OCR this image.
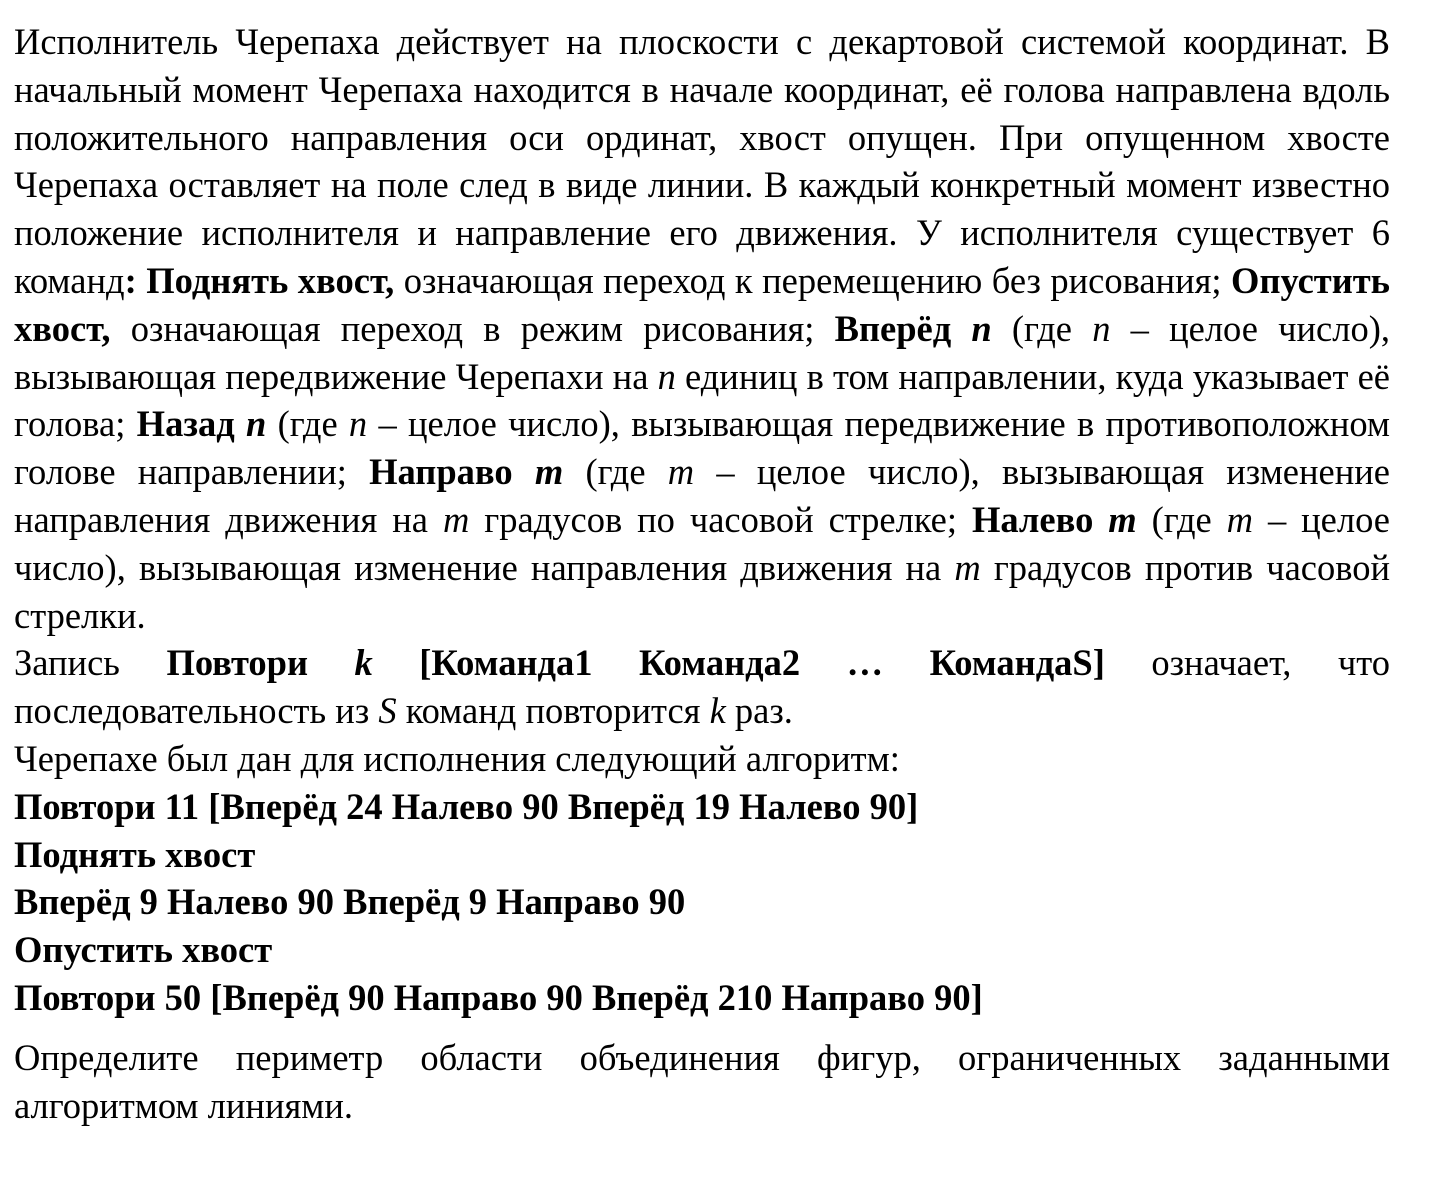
Исполнитель Черепаха действует на плоскости с декартовой системой координат. В начальный момент Черепаха находится в начале координат, её голова направлена вдоль положительного направления оси ординат, хвост опущен. При опущенном хвосте Черепаха оставляет на поле след в виде линии. В каждый конкретный момент известно положение исполнителя и направление его движения. У исполнителя существует 6 команд: Поднять хвост, означающая переход к перемещению без рисования; Опустить хвост, означающая переход в режим рисования; Вперёд n (где n – целое число), вызывающая передвижение Черепахи на n единиц в том направлении, куда указывает её голова; Назад n (где n – целое число), вызывающая передвижение в противоположном голове направлении; Направо m (где m – целое число), вызывающая изменение направления движения на m градусов по часовой стрелке; Налево m (где m – целое число), вызывающая изменение направления движения на m градусов против часовой стрелки.

Запись Повтори k [Команда1 Команда2 … КомандаS] означает, что последовательность из S команд повторится k раз.

Черепахе был дан для исполнения следующий алгоритм:

Повтори 11 [Вперёд 24 Налево 90 Вперёд 19 Налево 90]
Поднять хвост
Вперёд 9 Налево 90 Вперёд 9 Направо 90
Опустить хвост
Повтори 50 [Вперёд 90 Направо 90 Вперёд 210 Направо 90]

Определите периметр области объединения фигур, ограниченных заданными алгоритмом линиями.
